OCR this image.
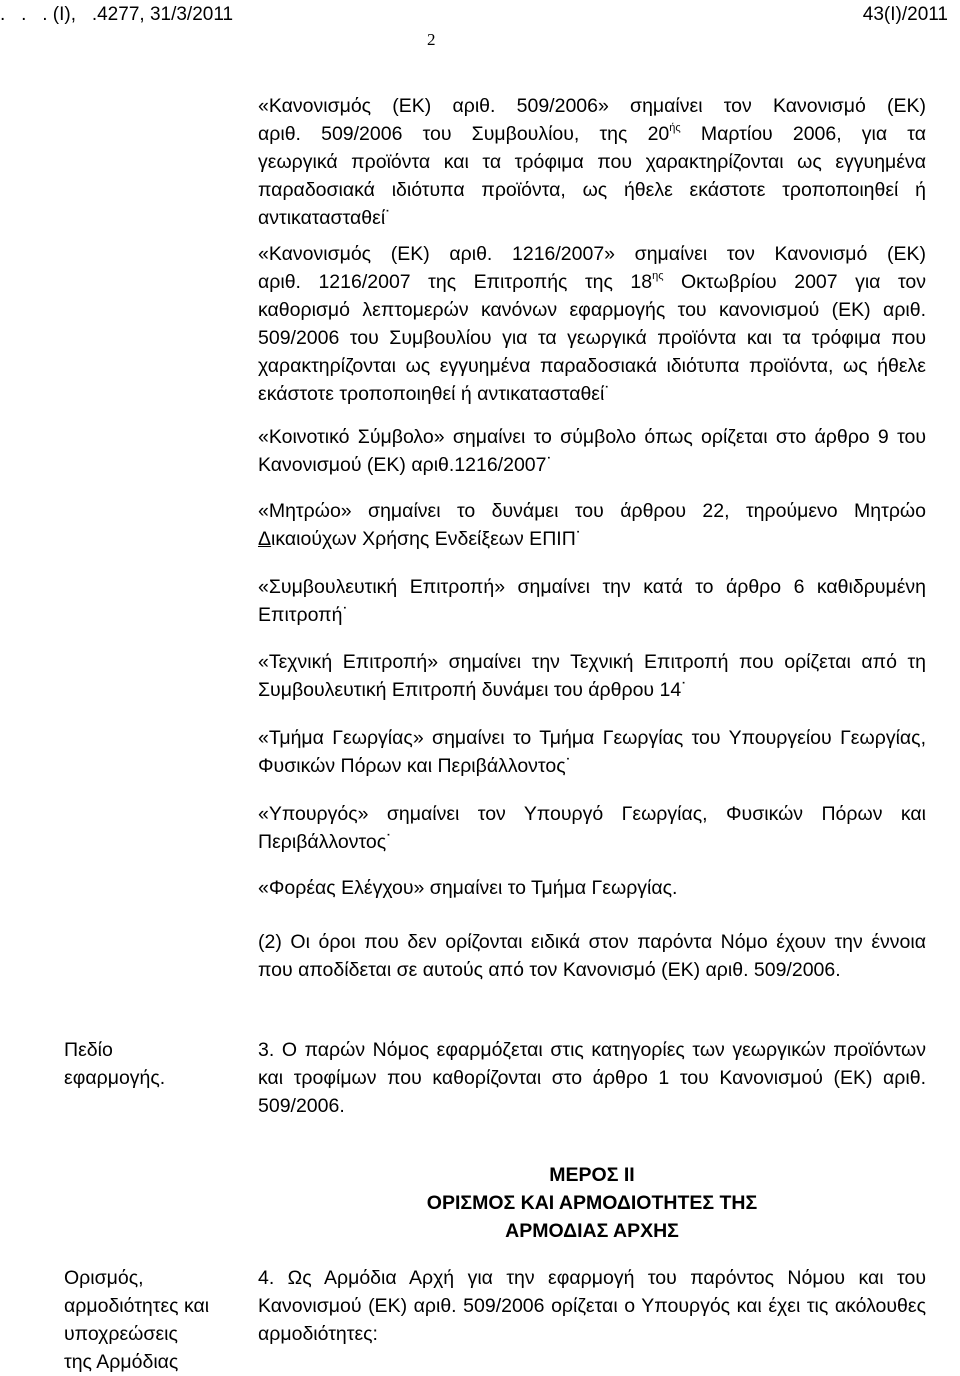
.   .   . (Ι),   .4277, 31/3/2011	43(Ι)/2011
2
«Κανονισμός (ΕΚ) αριθ. 509/2006» σημαίνει τον Κανονισμό (ΕΚ)
αριθ. 509/2006 του Συμβουλίου, της $20^{ή\varsigma}$ Μαρτίου 2006, για τα
γεωργικά προϊόντα και τα τρόφιμα που χαρακτηρίζονται ως εγγυημένα παραδοσιακά ιδιότυπα προϊόντα, ως ήθελε εκάστοτε τροποποιηθεί ή αντικατασταθεί˙
«Κανονισμός (ΕΚ) αριθ. 1216/2007» σημαίνει τον Κανονισμό (ΕΚ)
αριθ. 1216/2007 της Επιτροπής της $18^{\eta\varsigma}$ Οκτωβρίου 2007 για τον
καθορισμό λεπτομερών κανόνων εφαρμογής του κανονισμού (ΕΚ) αριθ. 509/2006 του Συμβουλίου για τα γεωργικά προϊόντα και τα τρόφιμα που χαρακτηρίζονται ως εγγυημένα παραδοσιακά ιδιότυπα προϊόντα, ως ήθελε εκάστοτε τροποποιηθεί ή αντικατασταθεί˙
«Κοινοτικό Σύμβολο» σημαίνει το σύμβολο όπως ορίζεται στο άρθρο 9 του Κανονισμού (ΕΚ) αριθ.1216/2007˙
«Μητρώο» σημαίνει το δυνάμει του άρθρου 22, τηρούμενο Μητρώο Δικαιούχων Χρήσης Ενδείξεων ΕΠΙΠ˙
«Συμβουλευτική Επιτροπή» σημαίνει την κατά το άρθρο 6 καθιδρυμένη Επιτροπή˙
«Τεχνική Επιτροπή» σημαίνει την Τεχνική Επιτροπή που ορίζεται από τη Συμβουλευτική Επιτροπή δυνάμει του άρθρου 14˙
«Τμήμα Γεωργίας» σημαίνει το Τμήμα Γεωργίας του Υπουργείου Γεωργίας, Φυσικών Πόρων και Περιβάλλοντος˙
«Υπουργός» σημαίνει τον Υπουργό Γεωργίας, Φυσικών Πόρων και Περιβάλλοντος˙
«Φορέας Ελέγχου» σημαίνει το Τμήμα Γεωργίας.
(2) Οι όροι που δεν ορίζονται ειδικά στον παρόντα Νόμο έχουν την έννοια που αποδίδεται σε αυτούς από τον Κανονισμό (ΕΚ) αριθ. 509/2006.
Πεδίο
εφαρμογής.
3. Ο παρών Νόμος εφαρμόζεται στις κατηγορίες των γεωργικών προϊόντων και τροφίμων που καθορίζονται στο άρθρο 1 του Κανονισμού (ΕΚ) αριθ. 509/2006.
ΜΕΡΟΣ ΙΙ
ΟΡΙΣΜΟΣ ΚΑΙ ΑΡΜΟΔΙΟΤΗΤΕΣ ΤΗΣ
ΑΡΜΟΔΙΑΣ ΑΡΧΗΣ
Ορισμός,
αρμοδιότητες και
υποχρεώσεις
της Αρμόδιας
4. Ως Αρμόδια Αρχή για την εφαρμογή του παρόντος Νόμου και του Κανονισμού (ΕΚ) αριθ. 509/2006 ορίζεται ο Υπουργός και έχει τις ακόλουθες αρμοδιότητες:
